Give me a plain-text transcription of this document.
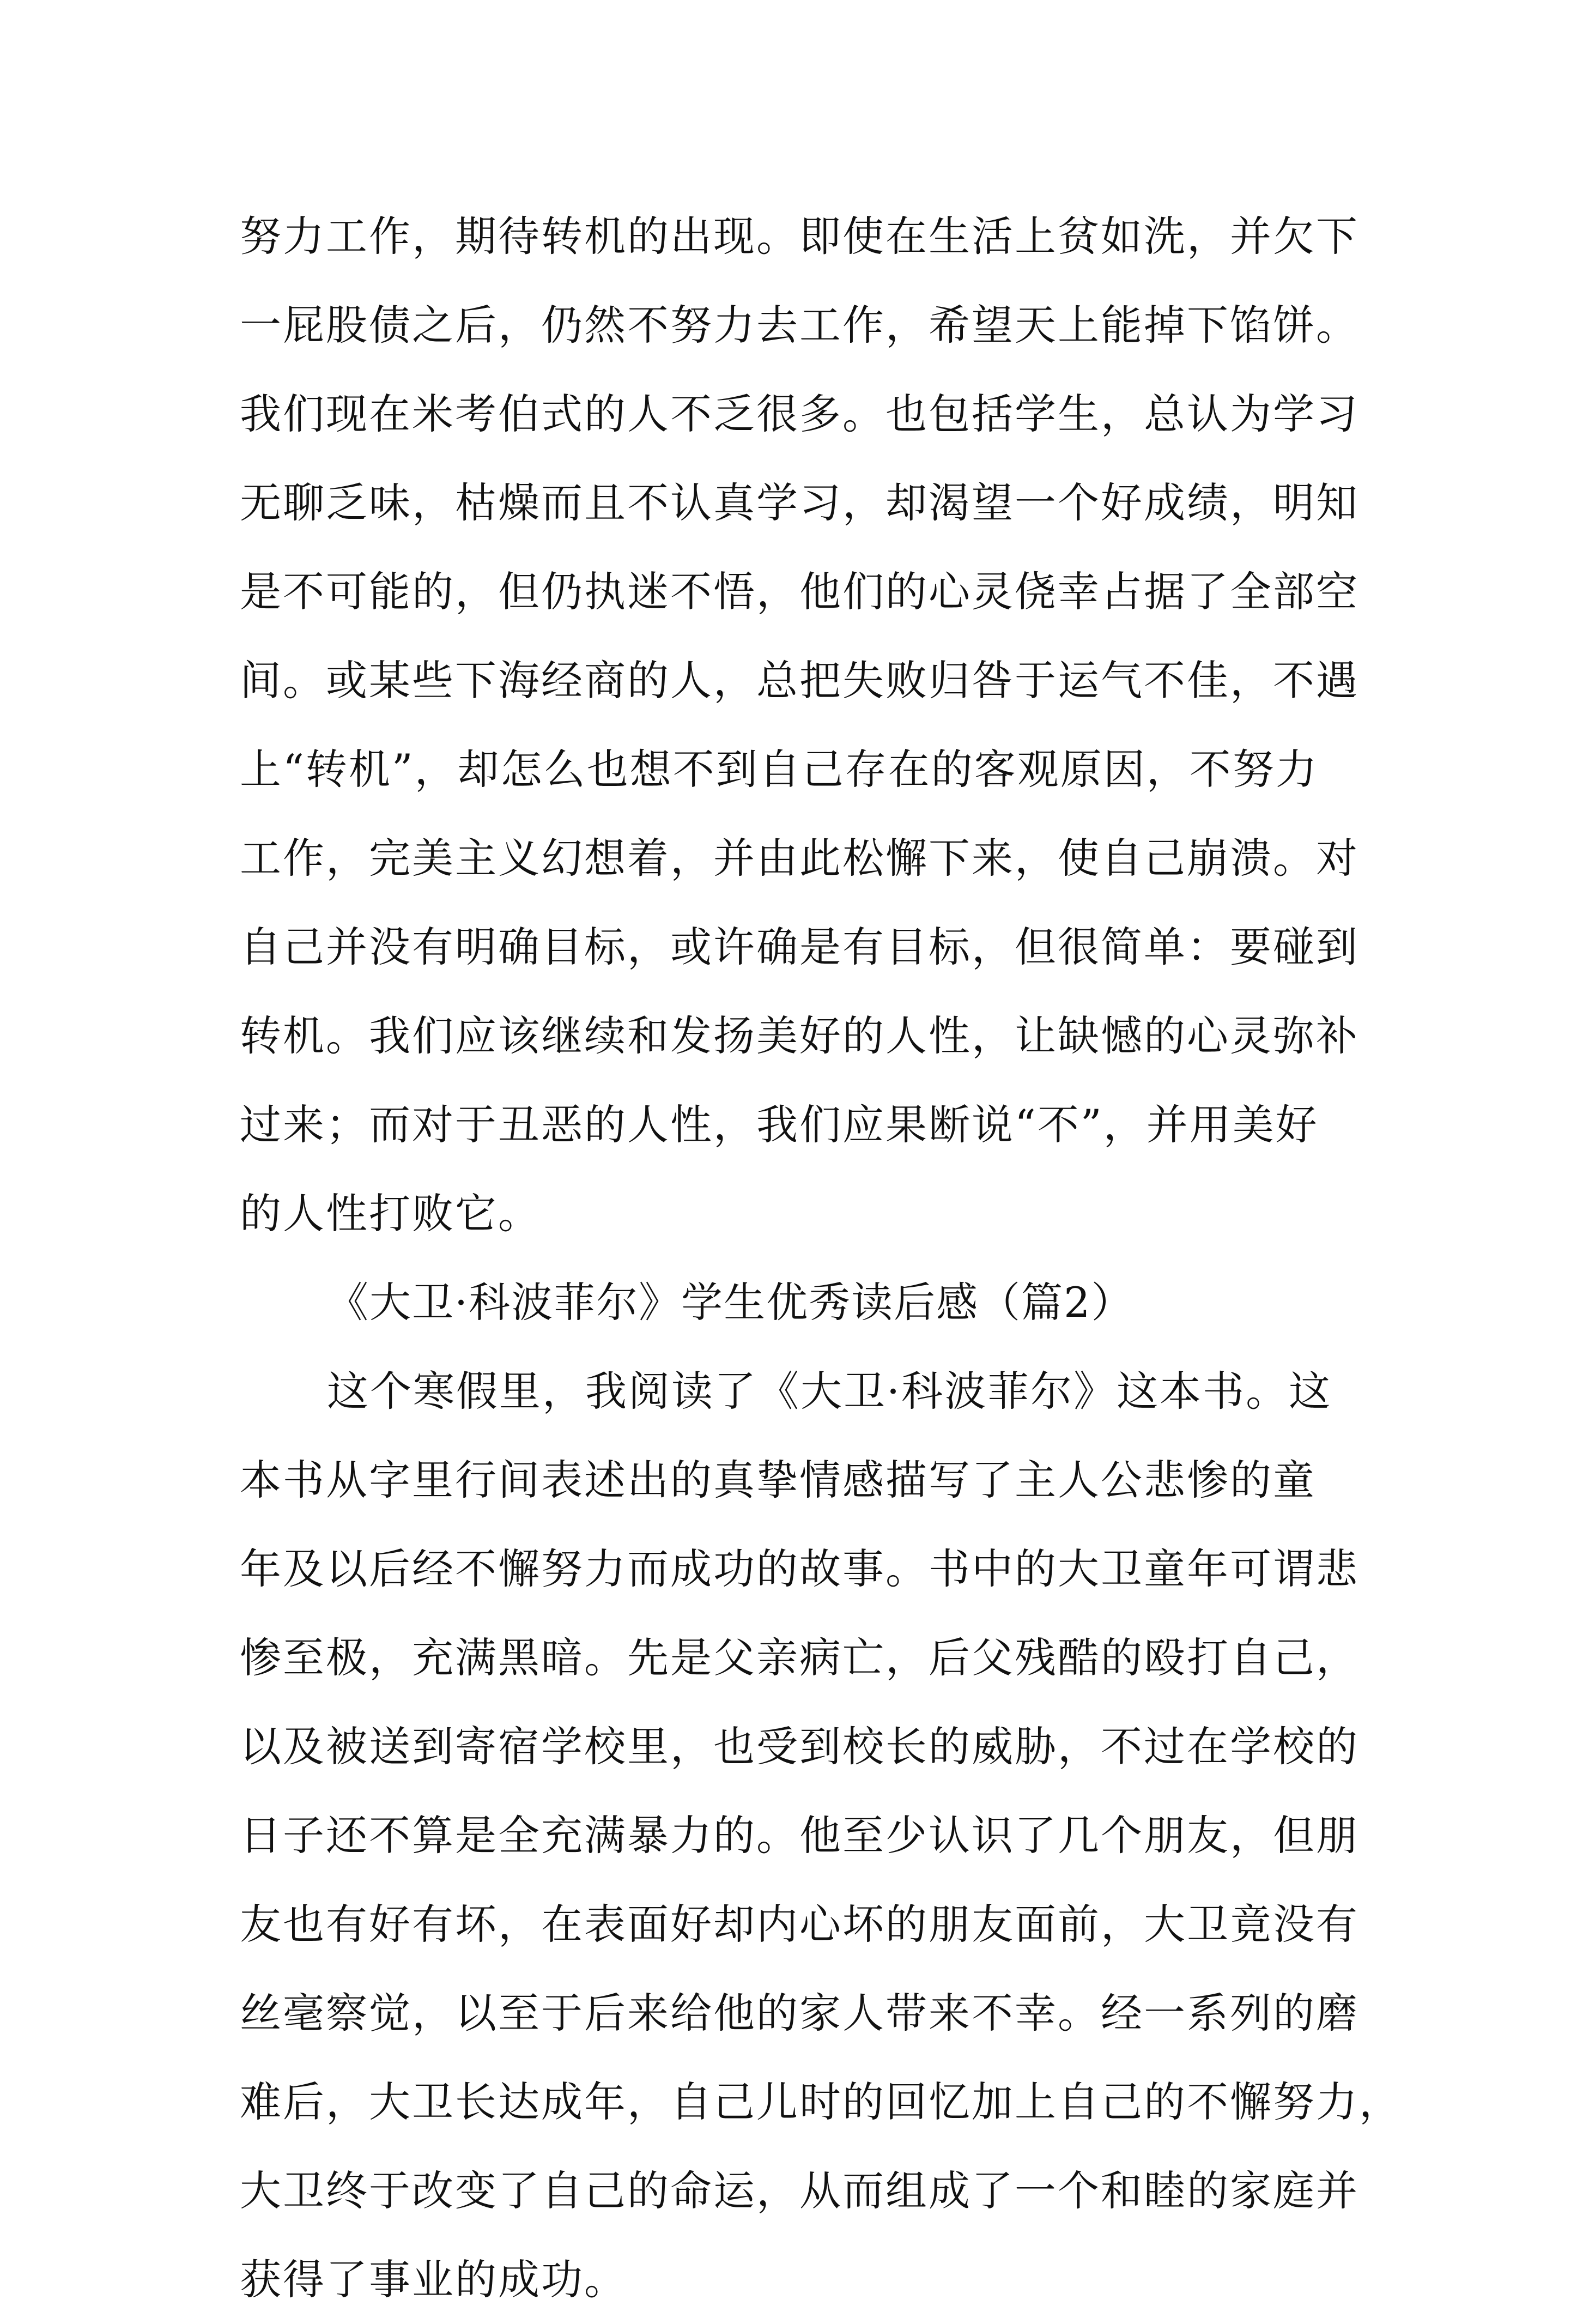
努力工作，期待转机的出现。即使在生活上贫如洗，并欠下
一屁股债之后，仍然不努力去工作，希望天上能掉下馅饼。
我们现在米考伯式的人不乏很多。也包括学生，总认为学习
无聊乏味，枯燥而且不认真学习，却渴望一个好成绩，明知
是不可能的，但仍执迷不悟，他们的心灵侥幸占据了全部空
间。或某些下海经商的人，总把失败归咎于运气不佳，不遇
上“转机”，却怎么也想不到自己存在的客观原因，不努力
工作，完美主义幻想着，并由此松懈下来，使自己崩溃。对
自己并没有明确目标，或许确是有目标，但很简单：要碰到
转机。我们应该继续和发扬美好的人性，让缺憾的心灵弥补
过来；而对于丑恶的人性，我们应果断说“不”，并用美好
的人性打败它。
《大卫·科波菲尔》学生优秀读后感（篇2）
这个寒假里，我阅读了《大卫·科波菲尔》这本书。这
本书从字里行间表述出的真挚情感描写了主人公悲惨的童
年及以后经不懈努力而成功的故事。书中的大卫童年可谓悲
惨至极，充满黑暗。先是父亲病亡，后父残酷的殴打自己，
以及被送到寄宿学校里，也受到校长的威胁，不过在学校的
日子还不算是全充满暴力的。他至少认识了几个朋友，但朋
友也有好有坏，在表面好却内心坏的朋友面前，大卫竟没有
丝毫察觉，以至于后来给他的家人带来不幸。经一系列的磨
难后，大卫长达成年，自己儿时的回忆加上自己的不懈努力，
大卫终于改变了自己的命运，从而组成了一个和睦的家庭并
获得了事业的成功。
